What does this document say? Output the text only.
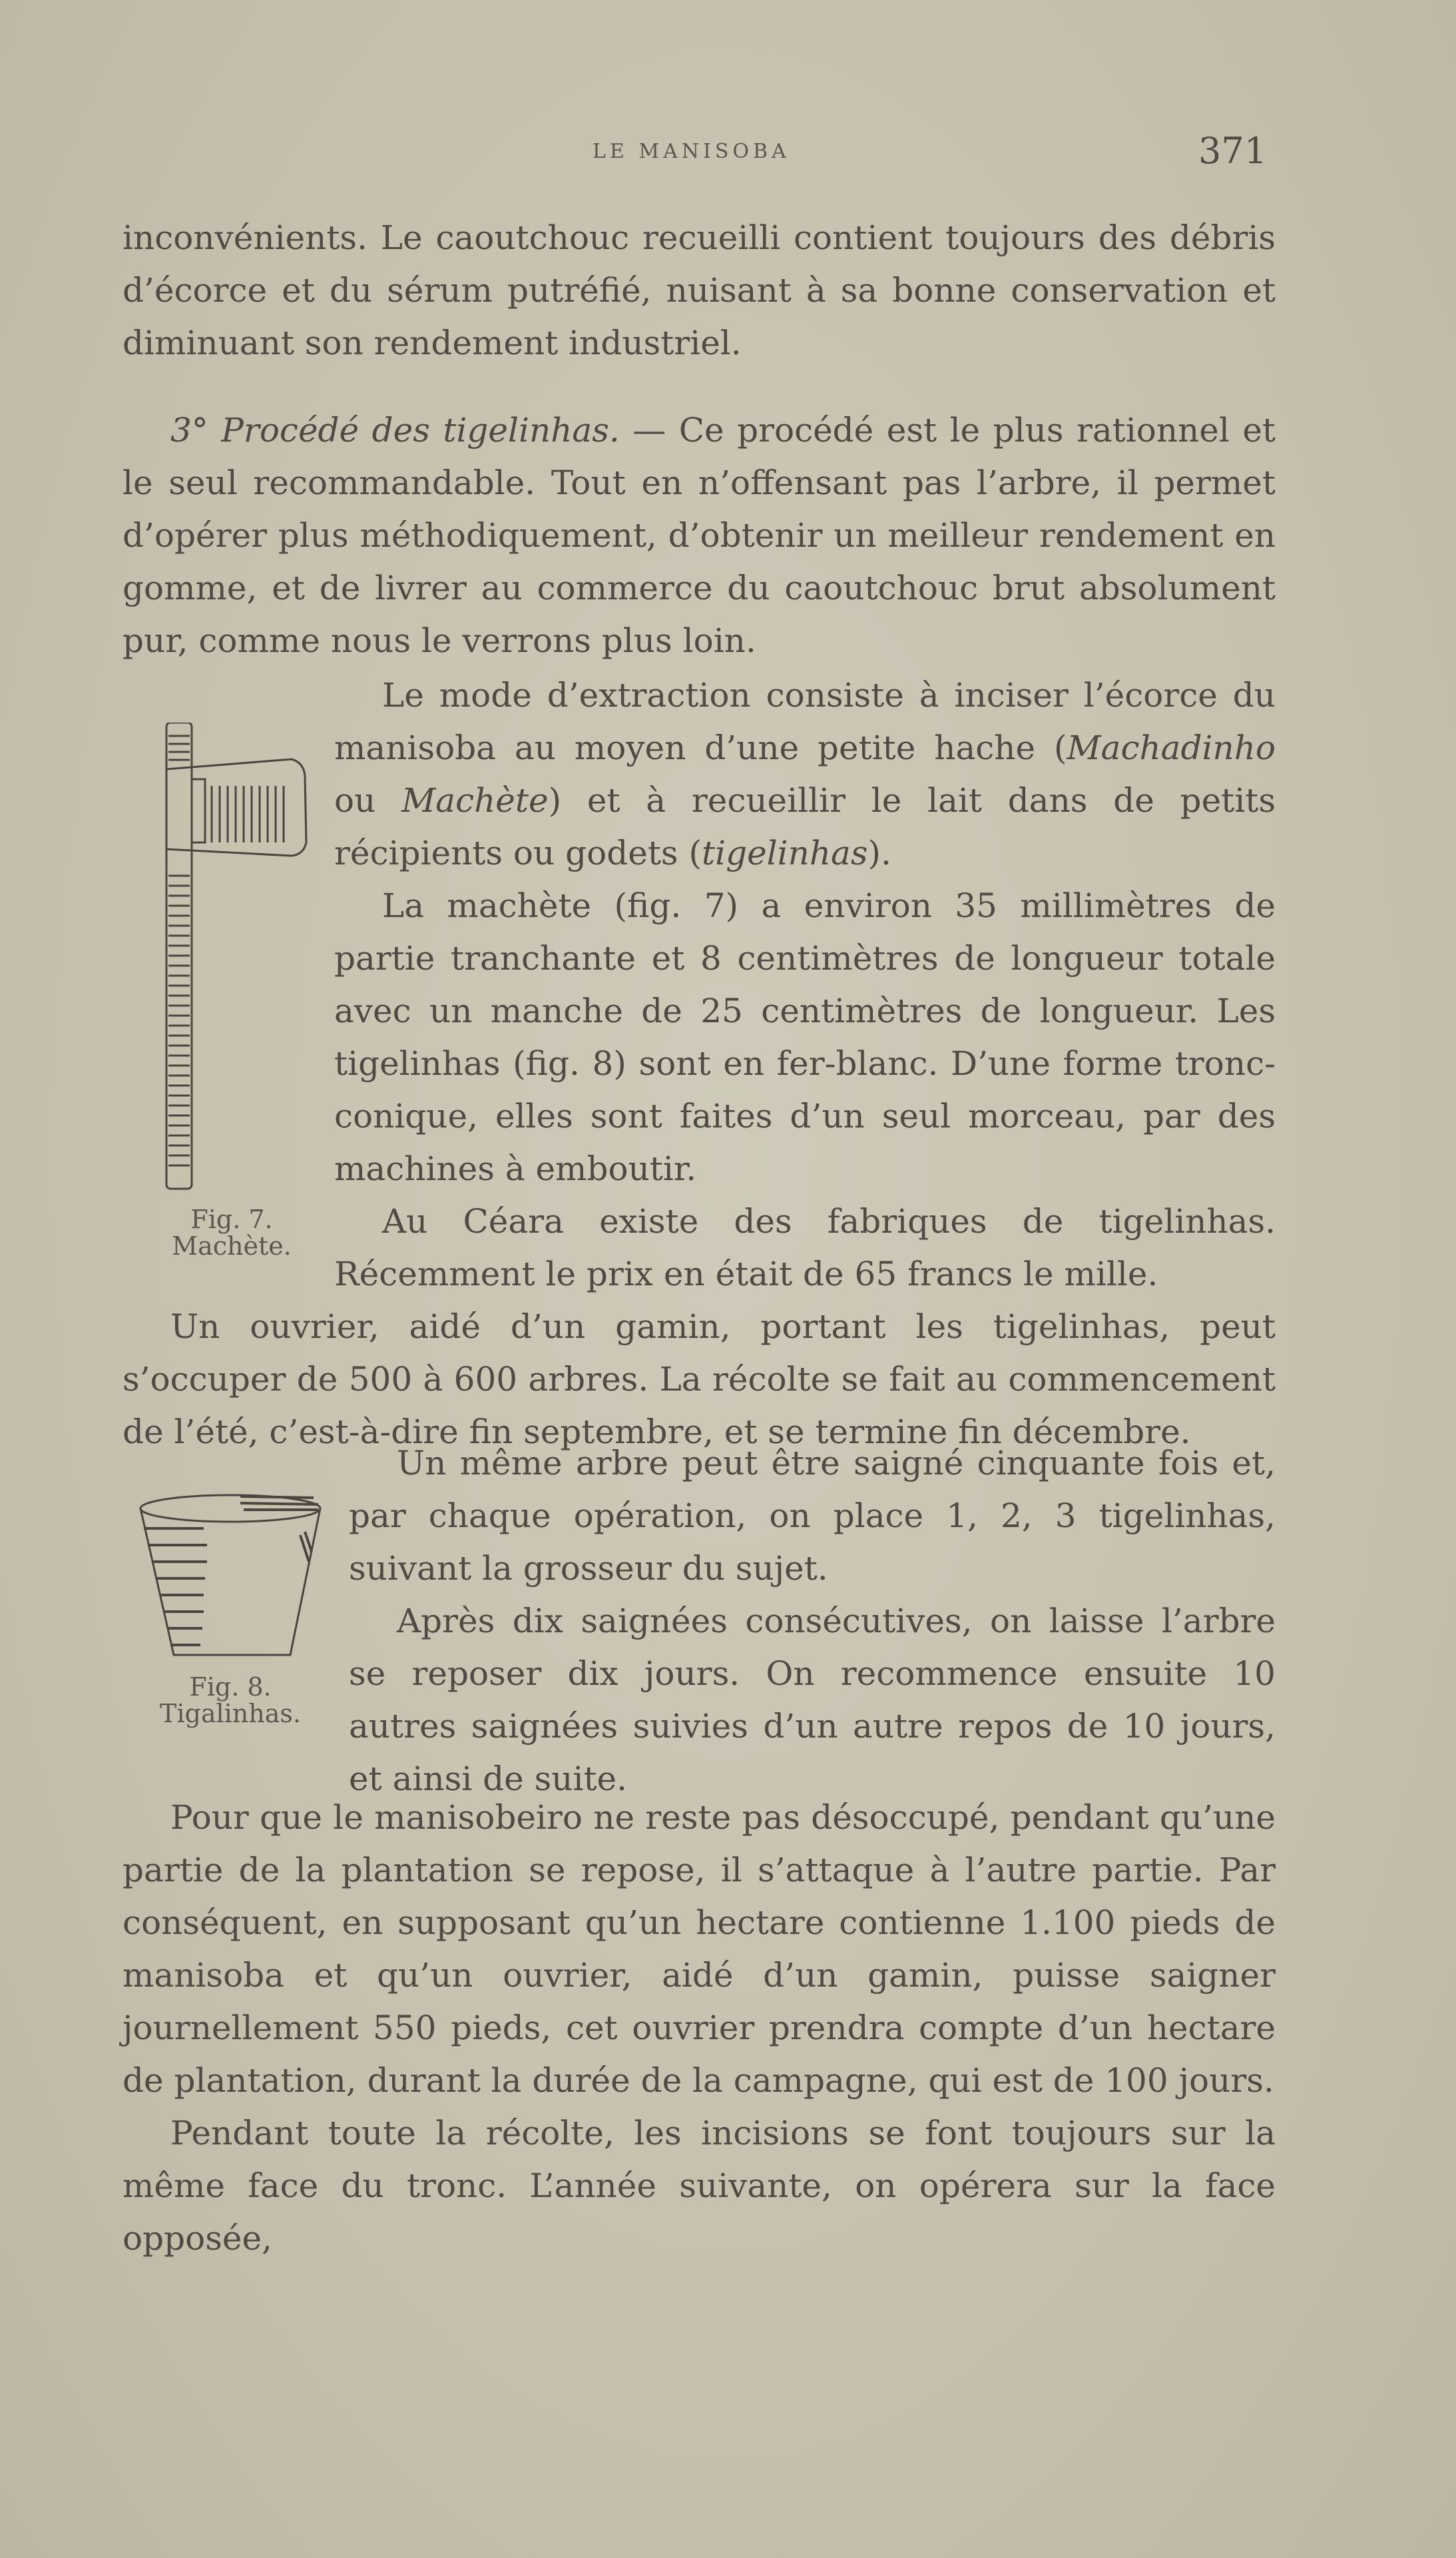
LE MANISOBA	371

inconvénients. Le caoutchouc recueilli contient toujours des débris d’écorce et du sérum putréfié, nuisant à sa bonne conservation et diminuant son rendement industriel.

3° Procédé des tigelinhas. — Ce procédé est le plus rationnel et le seul recommandable. Tout en n’offensant pas l’arbre, il permet d’opérer plus méthodiquement, d’obtenir un meilleur rendement en gomme, et de livrer au commerce du caoutchouc brut absolument pur, comme nous le verrons plus loin.

Fig. 7.
Machète.

Le mode d’extraction consiste à inciser l’écorce du manisoba au moyen d’une petite hache (Machadinho ou Machète) et à recueillir le lait dans de petits récipients ou godets (tigelinhas).

La machète (fig. 7) a environ 35 millimètres de partie tranchante et 8 centimètres de longueur totale avec un manche de 25 centimètres de longueur. Les tigelinhas (fig. 8) sont en fer-blanc. D’une forme tronc-conique, elles sont faites d’un seul morceau, par des machines à emboutir.

Au Céara existe des fabriques de tigelinhas. Récemment le prix en était de 65 francs le mille.

Un ouvrier, aidé d’un gamin, portant les tigelinhas, peut s’occuper de 500 à 600 arbres. La récolte se fait au commencement de l’été, c’est-à-dire fin septembre, et se termine fin décembre.

Fig. 8.
Tigalinhas.

Un même arbre peut être saigné cinquante fois et, par chaque opération, on place 1, 2, 3 tigelinhas, suivant la grosseur du sujet.

Après dix saignées consécutives, on laisse l’arbre se reposer dix jours. On recommence ensuite 10 autres saignées suivies d’un autre repos de 10 jours, et ainsi de suite.

Pour que le manisobeiro ne reste pas désoccupé, pendant qu’une partie de la plantation se repose, il s’attaque à l’autre partie. Par conséquent, en supposant qu’un hectare contienne 1.100 pieds de manisoba et qu’un ouvrier, aidé d’un gamin, puisse saigner journellement 550 pieds, cet ouvrier prendra compte d’un hectare de plantation, durant la durée de la campagne, qui est de 100 jours.

Pendant toute la récolte, les incisions se font toujours sur la même face du tronc. L’année suivante, on opérera sur la face opposée,
